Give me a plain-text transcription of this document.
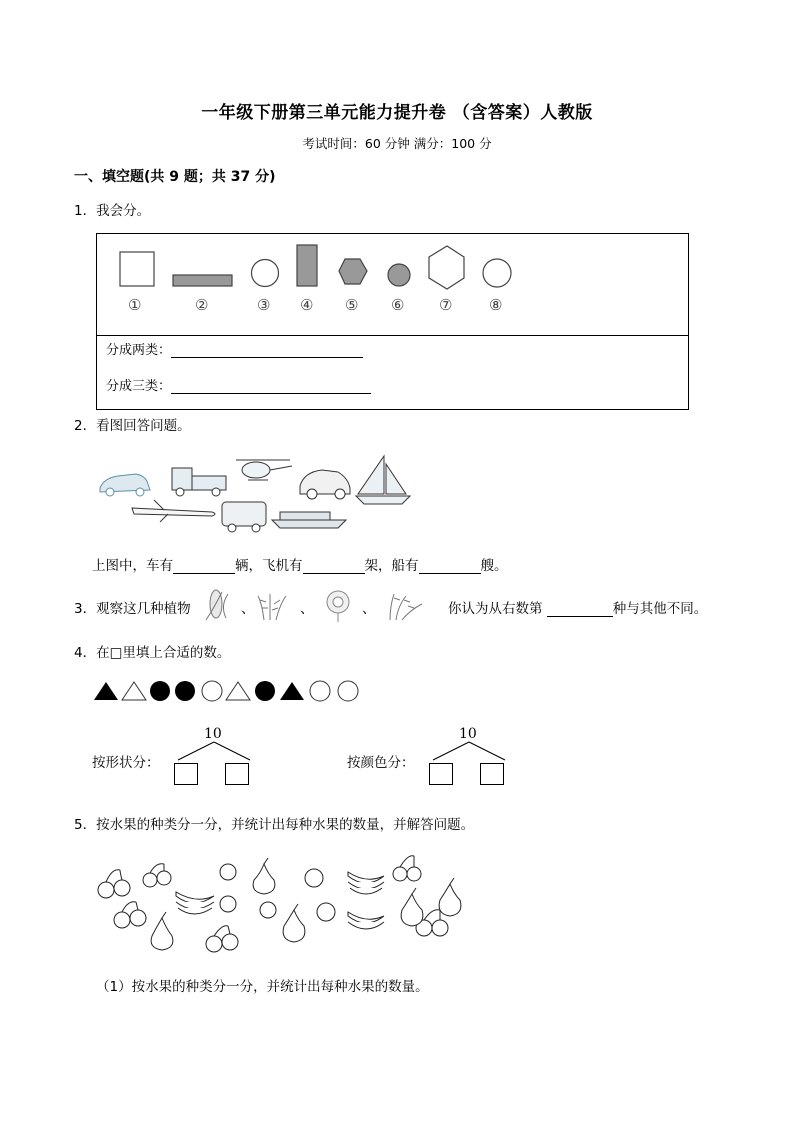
一年级下册第三单元能力提升卷 （含答案）人教版
考试时间：60 分钟 满分：100 分
一、填空题(共 9 题；共 37 分)
1．我会分。
①	②	③ ④ ⑤ ⑥ ⑦ ⑧
分成两类：
分成三类：
2．看图回答问题。
上图中，车有	辆，飞机有	架，船有	艘。
3．观察这几种植物	、	、	、	你认为从右数第	种与其他不同。
4．在□里填上合适的数。
10
按形状分：
10
按颜色分：
5．按水果的种类分一分，并统计出每种水果的数量，并解答问题。
（1）按水果的种类分一分，并统计出每种水果的数量。
